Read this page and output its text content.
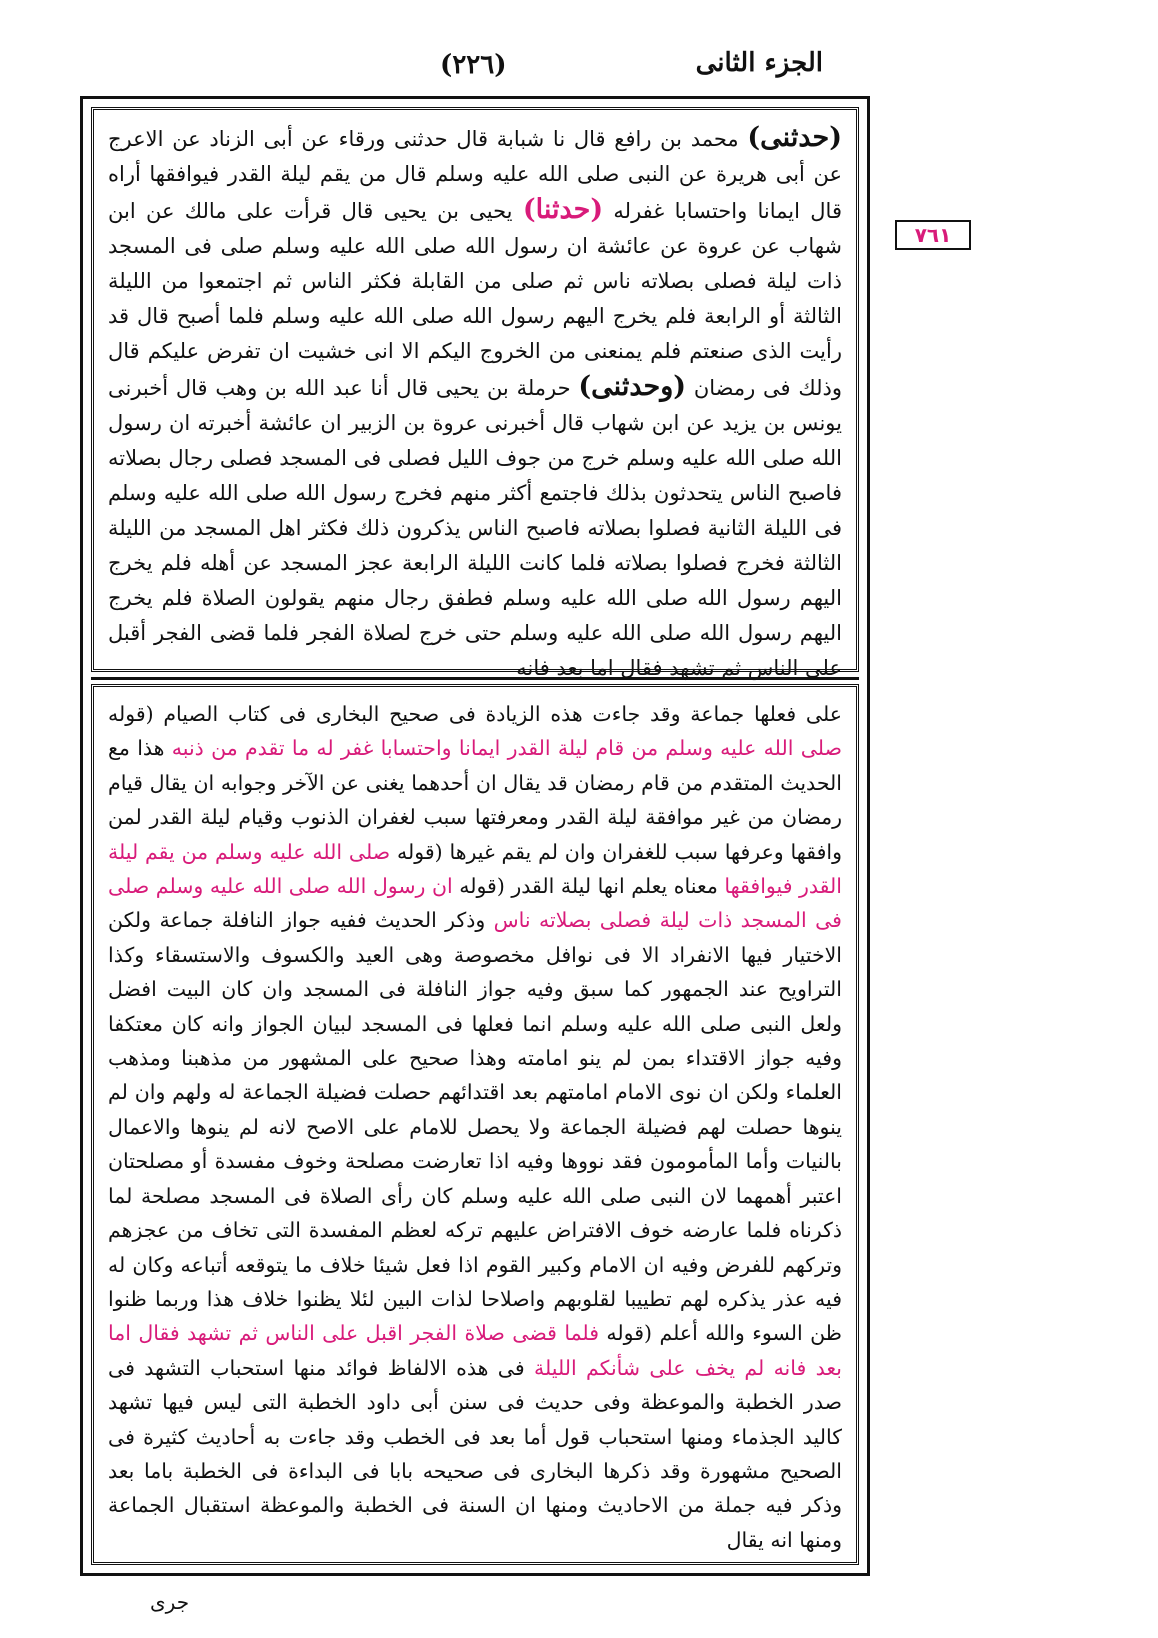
الجزء الثانى
(٢٢٦)
٧٦١
(حدثنى) محمد بن رافع قال نا شبابة قال حدثنى ورقاء عن أبى الزناد عن الاعرج عن أبى هريرة عن النبى صلى الله عليه وسلم قال من يقم ليلة القدر فيوافقها أراه قال ايمانا واحتسابا غفرله (حدثنا) يحيى بن يحيى قال قرأت على مالك عن ابن شهاب عن عروة عن عائشة ان رسول الله صلى الله عليه وسلم صلى فى المسجد ذات ليلة فصلى بصلاته ناس ثم صلى من القابلة فكثر الناس ثم اجتمعوا من الليلة الثالثة أو الرابعة فلم يخرج اليهم رسول الله صلى الله عليه وسلم فلما أصبح قال قد رأيت الذى صنعتم فلم يمنعنى من الخروج اليكم الا انى خشيت ان تفرض عليكم قال وذلك فى رمضان (وحدثنى) حرملة بن يحيى قال أنا عبد الله بن وهب قال أخبرنى يونس بن يزيد عن ابن شهاب قال أخبرنى عروة بن الزبير ان عائشة أخبرته ان رسول الله صلى الله عليه وسلم خرج من جوف الليل فصلى فى المسجد فصلى رجال بصلاته فاصبح الناس يتحدثون بذلك فاجتمع أكثر منهم فخرج رسول الله صلى الله عليه وسلم فى الليلة الثانية فصلوا بصلاته فاصبح الناس يذكرون ذلك فكثر اهل المسجد من الليلة الثالثة فخرج فصلوا بصلاته فلما كانت الليلة الرابعة عجز المسجد عن أهله فلم يخرج اليهم رسول الله صلى الله عليه وسلم فطفق رجال منهم يقولون الصلاة فلم يخرج اليهم رسول الله صلى الله عليه وسلم حتى خرج لصلاة الفجر فلما قضى الفجر أقبل على الناس ثم تشهد فقال اما بعد فانه
على فعلها جماعة وقد جاءت هذه الزيادة فى صحيح البخارى فى كتاب الصيام (قوله صلى الله عليه وسلم من قام ليلة القدر ايمانا واحتسابا غفر له ما تقدم من ذنبه هذا مع الحديث المتقدم من قام رمضان قد يقال ان أحدهما يغنى عن الآخر وجوابه ان يقال قيام رمضان من غير موافقة ليلة القدر ومعرفتها سبب لغفران الذنوب وقيام ليلة القدر لمن وافقها وعرفها سبب للغفران وان لم يقم غيرها (قوله صلى الله عليه وسلم من يقم ليلة القدر فيوافقها معناه يعلم انها ليلة القدر (قوله ان رسول الله صلى الله عليه وسلم صلى فى المسجد ذات ليلة فصلى بصلاته ناس وذكر الحديث ففيه جواز النافلة جماعة ولكن الاختيار فيها الانفراد الا فى نوافل مخصوصة وهى العيد والكسوف والاستسقاء وكذا التراويح عند الجمهور كما سبق وفيه جواز النافلة فى المسجد وان كان البيت افضل ولعل النبى صلى الله عليه وسلم انما فعلها فى المسجد لبيان الجواز وانه كان معتكفا وفيه جواز الاقتداء بمن لم ينو امامته وهذا صحيح على المشهور من مذهبنا ومذهب العلماء ولكن ان نوى الامام امامتهم بعد اقتدائهم حصلت فضيلة الجماعة له ولهم وان لم ينوها حصلت لهم فضيلة الجماعة ولا يحصل للامام على الاصح لانه لم ينوها والاعمال بالنيات وأما المأمومون فقد نووها وفيه اذا تعارضت مصلحة وخوف مفسدة أو مصلحتان اعتبر أهمهما لان النبى صلى الله عليه وسلم كان رأى الصلاة فى المسجد مصلحة لما ذكرناه فلما عارضه خوف الافتراض عليهم تركه لعظم المفسدة التى تخاف من عجزهم وتركهم للفرض وفيه ان الامام وكبير القوم اذا فعل شيئا خلاف ما يتوقعه أتباعه وكان له فيه عذر يذكره لهم تطييبا لقلوبهم واصلاحا لذات البين لئلا يظنوا خلاف هذا وربما ظنوا ظن السوء والله أعلم (قوله فلما قضى صلاة الفجر اقبل على الناس ثم تشهد فقال اما بعد فانه لم يخف على شأنكم الليلة فى هذه الالفاظ فوائد منها استحباب التشهد فى صدر الخطبة والموعظة وفى حديث فى سنن أبى داود الخطبة التى ليس فيها تشهد كاليد الجذماء ومنها استحباب قول أما بعد فى الخطب وقد جاءت به أحاديث كثيرة فى الصحيح مشهورة وقد ذكرها البخارى فى صحيحه بابا فى البداءة فى الخطبة باما بعد وذكر فيه جملة من الاحاديث ومنها ان السنة فى الخطبة والموعظة استقبال الجماعة ومنها انه يقال
جرى
